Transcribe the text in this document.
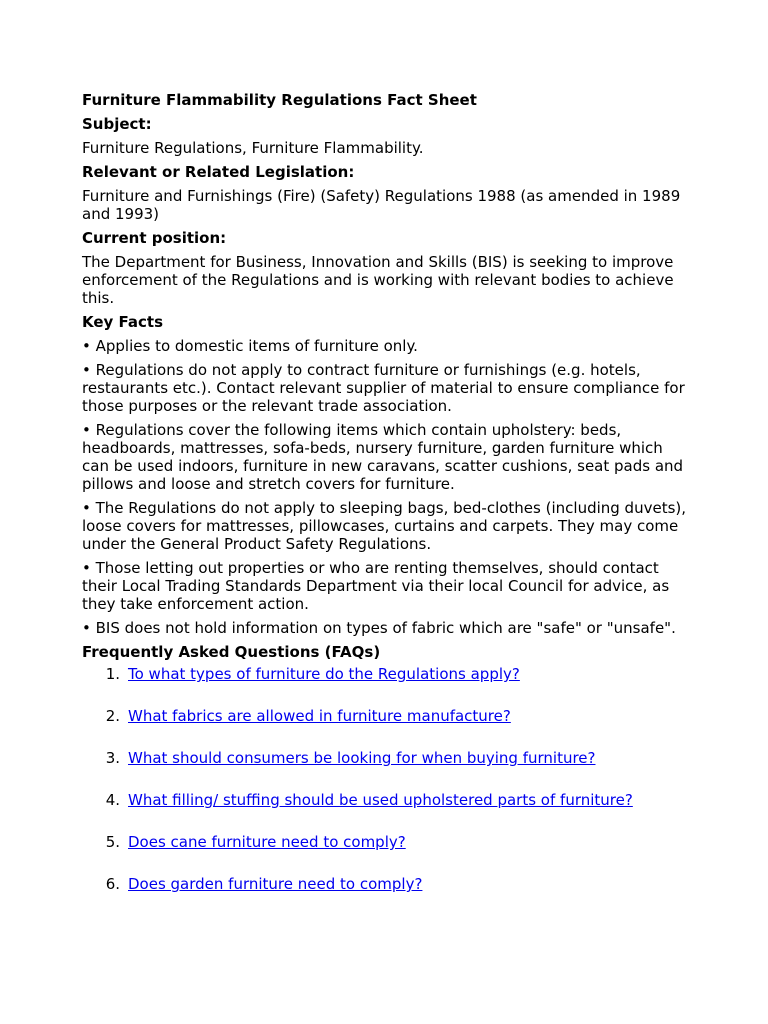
Furniture Flammability Regulations Fact Sheet
Subject:
Furniture Regulations, Furniture Flammability.
Relevant or Related Legislation:
Furniture and Furnishings (Fire) (Safety) Regulations 1988 (as amended in 1989 and 1993)
Current position:
The Department for Business, Innovation and Skills (BIS) is seeking to improve enforcement of the Regulations and is working with relevant bodies to achieve this.
Key Facts
• Applies to domestic items of furniture only.
• Regulations do not apply to contract furniture or furnishings (e.g. hotels, restaurants etc.). Contact relevant supplier of material to ensure compliance for those purposes or the relevant trade association.
• Regulations cover the following items which contain upholstery: beds, headboards, mattresses, sofa-beds, nursery furniture, garden furniture which can be used indoors, furniture in new caravans, scatter cushions, seat pads and pillows and loose and stretch covers for furniture.
• The Regulations do not apply to sleeping bags, bed-clothes (including duvets), loose covers for mattresses, pillowcases, curtains and carpets. They may come under the General Product Safety Regulations.
• Those letting out properties or who are renting themselves, should contact their Local Trading Standards Department via their local Council for advice, as they take enforcement action.
• BIS does not hold information on types of fabric which are "safe" or "unsafe".
Frequently Asked Questions (FAQs)
1. To what types of furniture do the Regulations apply?
2. What fabrics are allowed in furniture manufacture?
3. What should consumers be looking for when buying furniture?
4. What filling/ stuffing should be used upholstered parts of furniture?
5. Does cane furniture need to comply?
6. Does garden furniture need to comply?
